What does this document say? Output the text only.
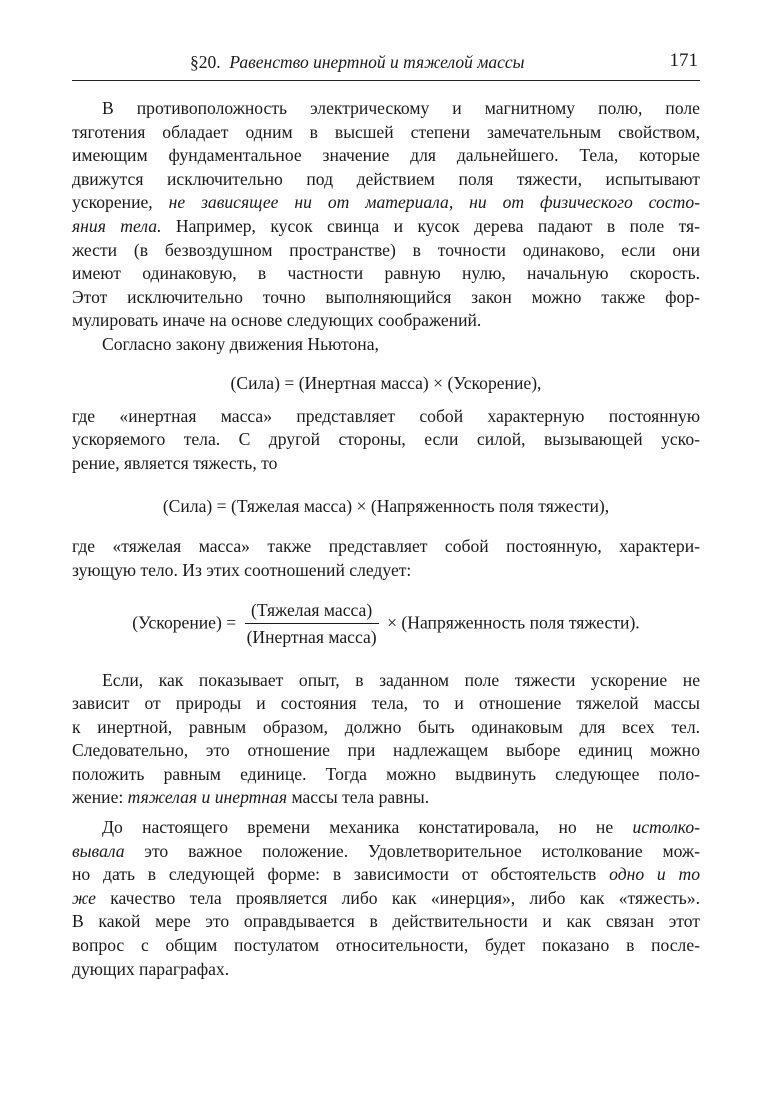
§20. Равенство инертной и тяжелой массы	171
В противоположность электрическому и магнитному полю, поле
тяготения обладает одним в высшей степени замечательным свойством,
имеющим фундаментальное значение для дальнейшего. Тела, которые
движутся исключительно под действием поля тяжести, испытывают
ускорение, не зависящее ни от материала, ни от физического состо-
яния тела. Например, кусок свинца и кусок дерева падают в поле тя-
жести (в безвоздушном пространстве) в точности одинаково, если они
имеют одинаковую, в частности равную нулю, начальную скорость.
Этот исключительно точно выполняющийся закон можно также фор-
мулировать иначе на основе следующих соображений.
Согласно закону движения Ньютона,
(Сила) = (Инертная масса) × (Ускорение),
где «инертная масса» представляет собой характерную постоянную
ускоряемого тела. С другой стороны, если силой, вызывающей уско-
рение, является тяжесть, то
(Сила) = (Тяжелая масса) × (Напряженность поля тяжести),
где «тяжелая масса» также представляет собой постоянную, характери-
зующую тело. Из этих соотношений следует:
(Ускорение) = $\frac{\text{(Тяжелая масса)}}{\text{(Инертная масса)}}$ × (Напряженность поля тяжести).
Если, как показывает опыт, в заданном поле тяжести ускорение не
зависит от природы и состояния тела, то и отношение тяжелой массы
к инертной, равным образом, должно быть одинаковым для всех тел.
Следовательно, это отношение при надлежащем выборе единиц можно
положить равным единице. Тогда можно выдвинуть следующее поло-
жение: тяжелая и инертная массы тела равны.
До настоящего времени механика констатировала, но не истолко-
вывала это важное положение. Удовлетворительное истолкование мож-
но дать в следующей форме: в зависимости от обстоятельств одно и то
же качество тела проявляется либо как «инерция», либо как «тяжесть».
В какой мере это оправдывается в действительности и как связан этот
вопрос с общим постулатом относительности, будет показано в после-
дующих параграфах.
